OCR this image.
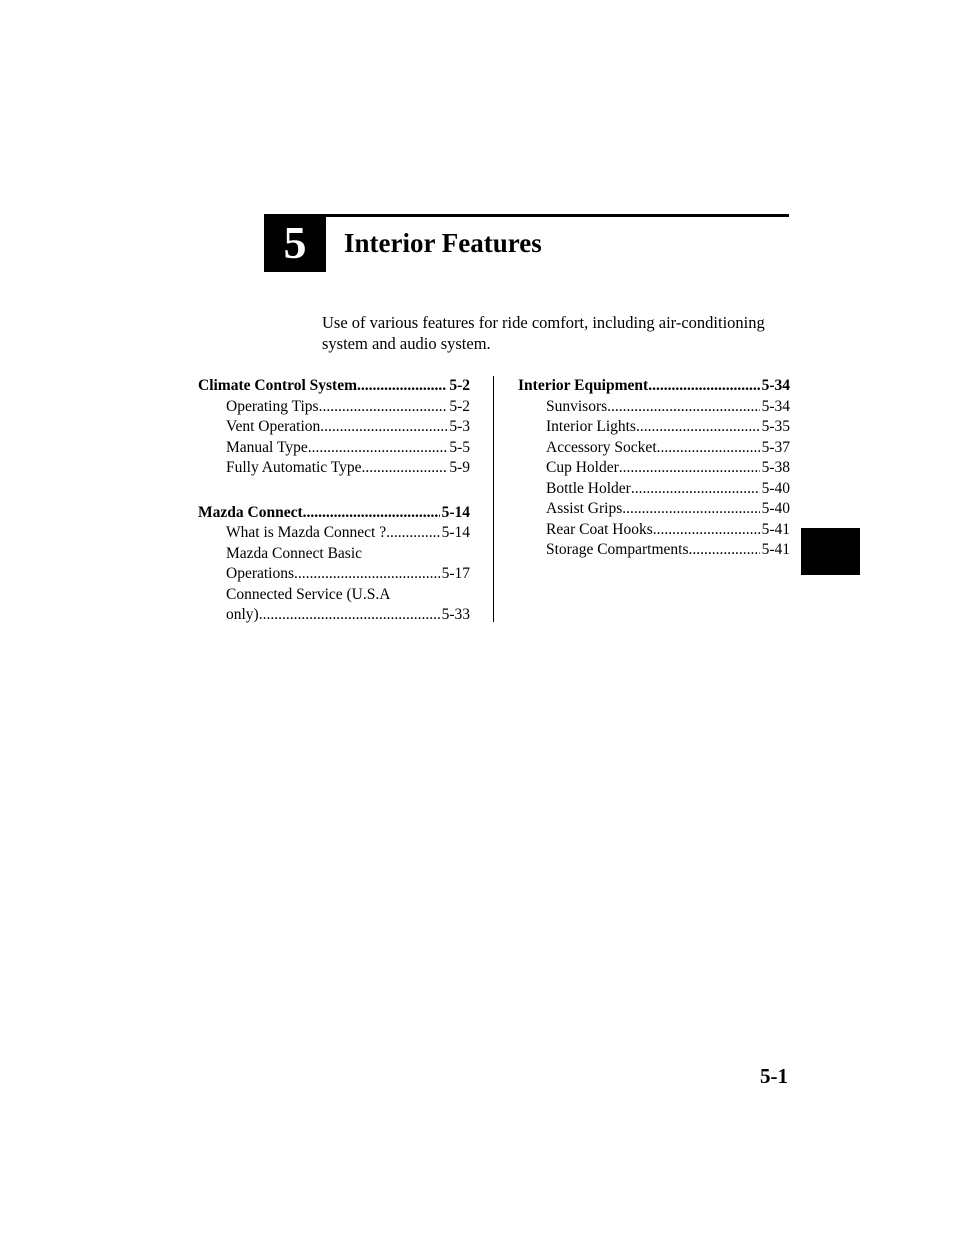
5	Interior Features
Use of various features for ride comfort, including air-conditioning system and audio system.
Climate Control System .....	5-2
Operating Tips .....	5-2
Vent Operation .....	5-3
Manual Type .....	5-5
Fully Automatic Type .....	5-9
Mazda Connect .....	5-14
What is Mazda Connect ? .....	5-14
Mazda Connect Basic
Operations .....	5-17
Connected Service (U.S.A
only) .....	5-33
Interior Equipment .....	5-34
Sunvisors .....	5-34
Interior Lights .....	5-35
Accessory Socket .....	5-37
Cup Holder .....	5-38
Bottle Holder .....	5-40
Assist Grips .....	5-40
Rear Coat Hooks .....	5-41
Storage Compartments .....	5-41
5-1
